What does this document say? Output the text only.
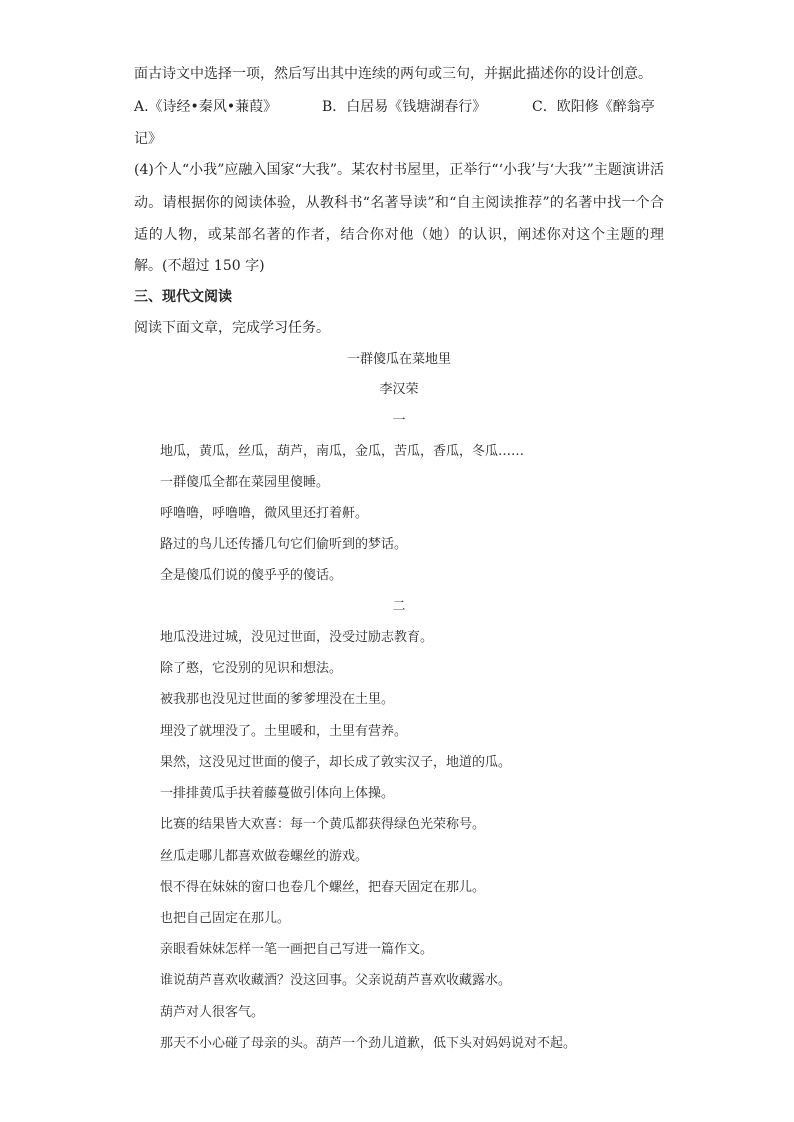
面古诗文中选择一项，然后写出其中连续的两句或三句，并据此描述你的设计创意。
A.《诗经•秦风•蒹葭》	B．白居易《钱塘湖春行》	C．欧阳修《醉翁亭
记》
(4)个人“小我”应融入国家“大我”。某农村书屋里，正举行“‘小我’与‘大我’”主题演讲活
动。请根据你的阅读体验，从教科书“名著导读”和“自主阅读推荐”的名著中找一个合
适的人物，或某部名著的作者，结合你对他（她）的认识，阐述你对这个主题的理
解。(不超过 150 字)
三、现代文阅读
阅读下面文章，完成学习任务。
一群傻瓜在菜地里
李汉荣
一
地瓜，黄瓜，丝瓜，葫芦，南瓜，金瓜，苦瓜，香瓜，冬瓜……
一群傻瓜全都在菜园里傻睡。
呼噜噜，呼噜噜，微风里还打着鼾。
路过的鸟儿还传播几句它们偷听到的梦话。
全是傻瓜们说的傻乎乎的傻话。
二
地瓜没进过城，没见过世面，没受过励志教育。
除了憨，它没别的见识和想法。
被我那也没见过世面的爹爹埋没在土里。
埋没了就埋没了。土里暖和，土里有营养。
果然，这没见过世面的傻子，却长成了敦实汉子，地道的瓜。
一排排黄瓜手扶着藤蔓做引体向上体操。
比赛的结果皆大欢喜：每一个黄瓜都获得绿色光荣称号。
丝瓜走哪儿都喜欢做卷螺丝的游戏。
恨不得在妹妹的窗口也卷几个螺丝，把春天固定在那儿。
也把自己固定在那儿。
亲眼看妹妹怎样一笔一画把自己写进一篇作文。
谁说葫芦喜欢收藏酒？没这回事。父亲说葫芦喜欢收藏露水。
葫芦对人很客气。
那天不小心碰了母亲的头。葫芦一个劲儿道歉，低下头对妈妈说对不起。
